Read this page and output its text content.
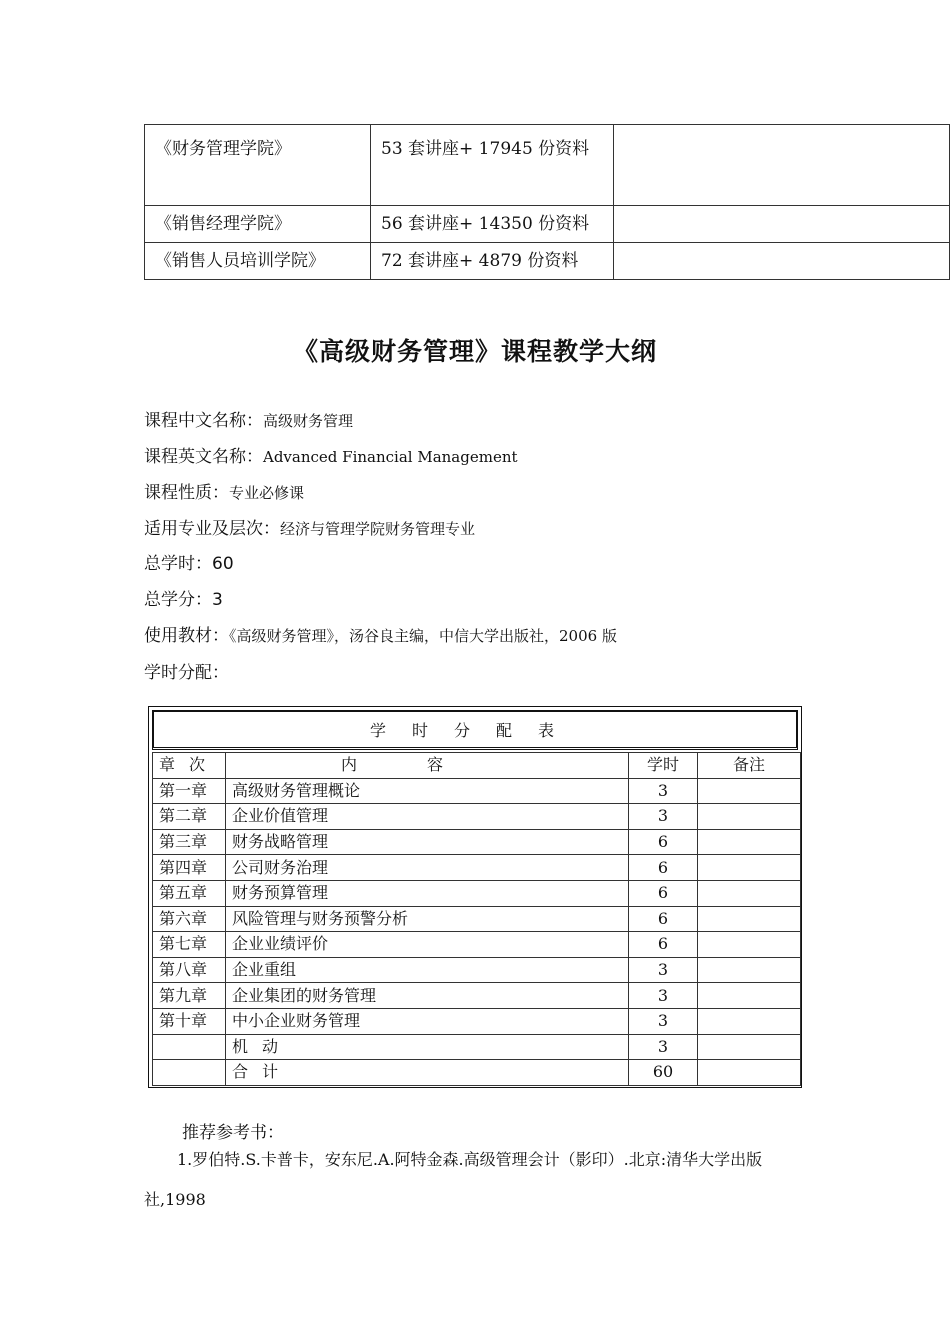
《财务管理学院》	53 套讲座+ 17945 份资料	
《销售经理学院》	56 套讲座+ 14350 份资料	
《销售人员培训学院》	72 套讲座+ 4879 份资料	
《高级财务管理》课程教学大纲
课程中文名称：高级财务管理
课程英文名称：Advanced Financial Management
课程性质：专业必修课
适用专业及层次：经济与管理学院财务管理专业
总学时：60
总学分：3
使用教材：《高级财务管理》，汤谷良主编，中信大学出版社，2006 版
学时分配：
学时分配表
章次	内容	学时	备注
第一章	高级财务管理概论	3	
第二章	企业价值管理	3	
第三章	财务战略管理	6	
第四章	公司财务治理	6	
第五章	财务预算管理	6	
第六章	风险管理与财务预警分析	6	
第七章	企业业绩评价	6	
第八章	企业重组	3	
第九章	企业集团的财务管理	3	
第十章	中小企业财务管理	3	
	机动	3	
	合计	60	
推荐参考书：
1.罗伯特.S.卡普卡，安东尼.A.阿特金森.高级管理会计（影印）.北京:清华大学出版社,1998
